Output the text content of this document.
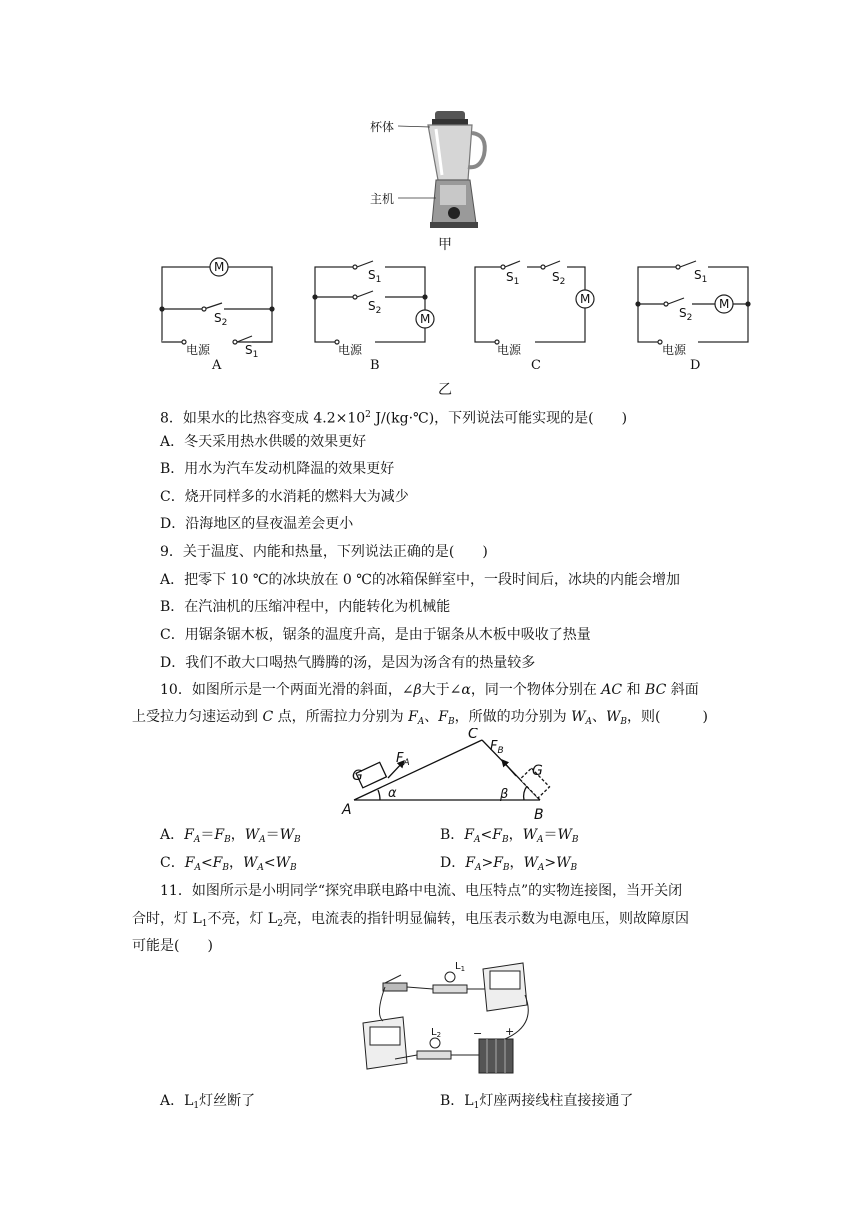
杯体
主机
甲
M
$S_2$
电源	$S_1$
A
$S_1$
$S_2$
M
电源
B
$S_1$	$S_2$
M
电源
C
$S_1$
$S_2$
M
电源
D
乙
8．如果水的比热容变成 $4.2\times 10^2$ J/(kg·℃)，下列说法可能实现的是(　　)
A．冬天采用热水供暖的效果更好
B．用水为汽车发动机降温的效果更好
C．烧开同样多的水消耗的燃料大为减少
D．沿海地区的昼夜温差会更小
9．关于温度、内能和热量，下列说法正确的是(　　)
A．把零下 10 ℃的冰块放在 0 ℃的冰箱保鲜室中，一段时间后，冰块的内能会增加
B．在汽油机的压缩冲程中，内能转化为机械能
C．用锯条锯木板，锯条的温度升高，是由于锯条从木板中吸收了热量
D．我们不敢大口喝热气腾腾的汤，是因为汤含有的热量较多
10．如图所示是一个两面光滑的斜面，∠β大于∠α，同一个物体分别在 AC 和 BC 斜面
上受拉力匀速运动到 C 点，所需拉力分别为 $F_A$、$F_B$，所做的功分别为 $W_A$、$W_B$，则(　　　)
A	B
C
G	G
$F_A$
$F_B$
α	β
A．$F_A=F_B$，$W_A=W_B$	B．$F_A<F_B$，$W_A=W_B$
C．$F_A<F_B$，$W_A<W_B$	D．$F_A>F_B$，$W_A>W_B$
11．如图所示是小明同学“探究串联电路中电流、电压特点”的实物连接图，当开关闭
合时，灯 $L_1$不亮，灯 $L_2$亮，电流表的指针明显偏转，电压表示数为电源电压，则故障原因
可能是(　　)
$L_1$
$L_2$	− +
A．$L_1$灯丝断了	B．$L_1$灯座两接线柱直接接通了
